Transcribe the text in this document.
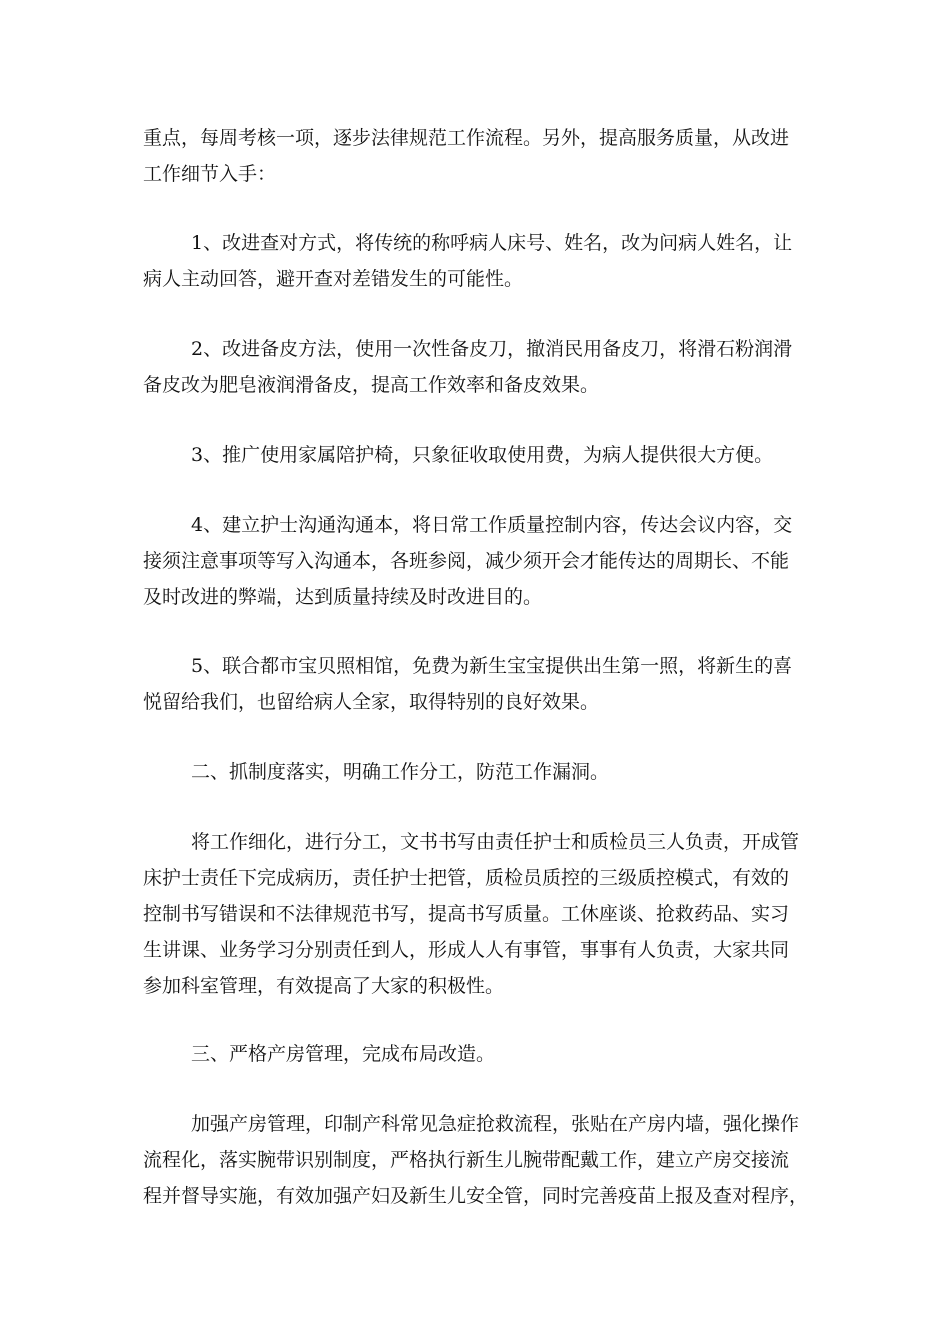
重点，每周考核一项，逐步法律规范工作流程。另外，提高服务质量，从改进
工作细节入手：
1、改进查对方式，将传统的称呼病人床号、姓名，改为问病人姓名，让
病人主动回答，避开查对差错发生的可能性。
2、改进备皮方法，使用一次性备皮刀，撤消民用备皮刀，将滑石粉润滑
备皮改为肥皂液润滑备皮，提高工作效率和备皮效果。
3、推广使用家属陪护椅，只象征收取使用费，为病人提供很大方便。
4、建立护士沟通沟通本，将日常工作质量控制内容，传达会议内容，交
接须注意事项等写入沟通本，各班参阅，减少须开会才能传达的周期长、不能
及时改进的弊端，达到质量持续及时改进目的。
5、联合都市宝贝照相馆，免费为新生宝宝提供出生第一照，将新生的喜
悦留给我们，也留给病人全家，取得特别的良好效果。
二、抓制度落实，明确工作分工，防范工作漏洞。
将工作细化，进行分工，文书书写由责任护士和质检员三人负责，开成管
床护士责任下完成病历，责任护士把管，质检员质控的三级质控模式，有效的
控制书写错误和不法律规范书写，提高书写质量。工休座谈、抢救药品、实习
生讲课、业务学习分别责任到人，形成人人有事管，事事有人负责，大家共同
参加科室管理，有效提高了大家的积极性。
三、严格产房管理，完成布局改造。
加强产房管理，印制产科常见急症抢救流程，张贴在产房内墙，强化操作
流程化，落实腕带识别制度，严格执行新生儿腕带配戴工作，建立产房交接流
程并督导实施，有效加强产妇及新生儿安全管，同时完善疫苗上报及查对程序，
